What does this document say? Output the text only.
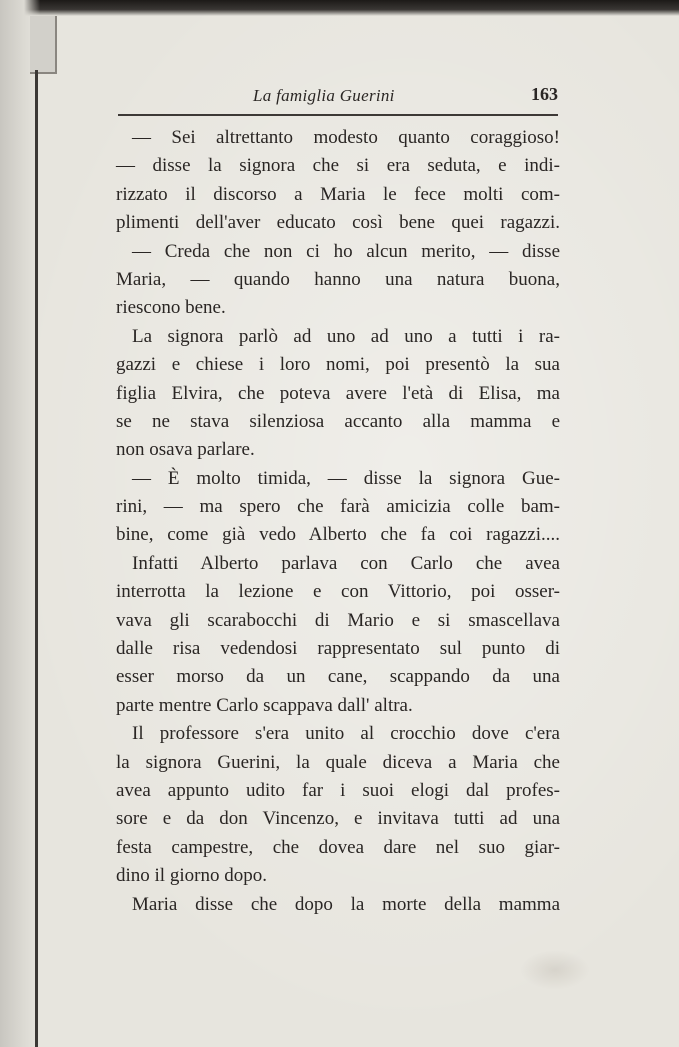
La famiglia Guerini	163
— Sei altrettanto modesto quanto coraggioso!
— disse la signora che si era seduta, e indi-
rizzato il discorso a Maria le fece molti com-
plimenti dell'aver educato così bene quei ragazzi.
— Creda che non ci ho alcun merito, — disse
Maria, — quando hanno una natura buona,
riescono bene.
La signora parlò ad uno ad uno a tutti i ra-
gazzi e chiese i loro nomi, poi presentò la sua
figlia Elvira, che poteva avere l'età di Elisa, ma
se ne stava silenziosa accanto alla mamma e
non osava parlare.
— È molto timida, — disse la signora Gue-
rini, — ma spero che farà amicizia colle bam-
bine, come già vedo Alberto che fa coi ragazzi....
Infatti Alberto parlava con Carlo che avea
interrotta la lezione e con Vittorio, poi osser-
vava gli scarabocchi di Mario e si smascellava
dalle risa vedendosi rappresentato sul punto di
esser morso da un cane, scappando da una
parte mentre Carlo scappava dall' altra.
Il professore s'era unito al crocchio dove c'era
la signora Guerini, la quale diceva a Maria che
avea appunto udito far i suoi elogi dal profes-
sore e da don Vincenzo, e invitava tutti ad una
festa campestre, che dovea dare nel suo giar-
dino il giorno dopo.
Maria disse che dopo la morte della mamma
